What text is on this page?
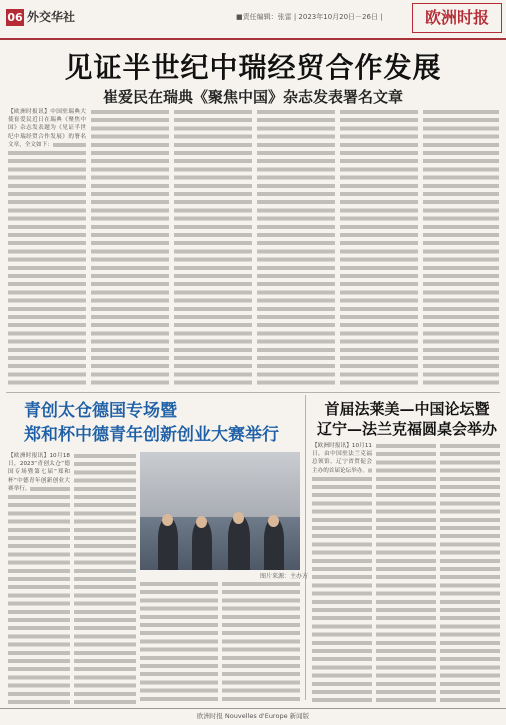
06 外交华社	■责任编辑：张雷 | 2023年10月20日－26日 |	欧洲时报
见证半世纪中瑞经贸合作发展
崔爱民在瑞典《聚焦中国》杂志发表署名文章
【欧洲时报讯】中国驻瑞典大使崔爱民近日在瑞典《聚焦中国》杂志发表题为《见证半世纪中瑞经贸合作发展》的署名文章，全文如下：
青创太仓德国专场暨
郑和杯中德青年创新创业大赛举行
图片来源：主办方
【欧洲时报讯】10月18日，2023“青创太仓”德国专场暨第七届“郑和杯”中德青年创新创业大赛举行。
首届法莱美—中国论坛暨
辽宁—法兰克福圆桌会举办
【欧洲时报讯】10月11日，由中国驻法兰克福总领馆、辽宁省贸促会主办的首届论坛举办。
欧洲时报 Nouvelles d'Europe 新闻版
